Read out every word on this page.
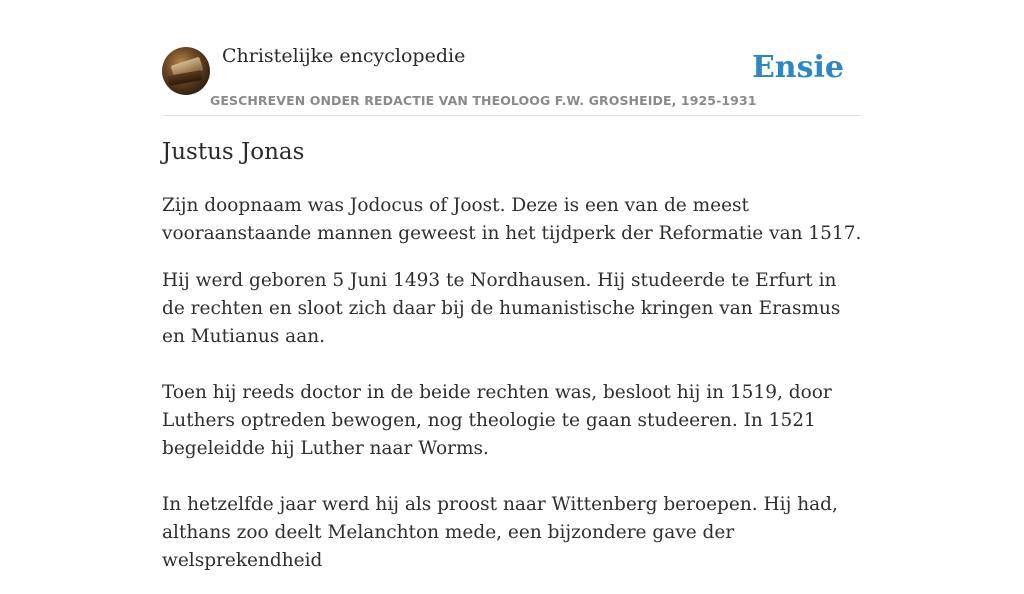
Christelijke encyclopedie
GESCHREVEN ONDER REDACTIE VAN THEOLOOG F.W. GROSHEIDE, 1925-1931
Ensie
Justus Jonas

Zijn doopnaam was Jodocus of Joost. Deze is een van de meest vooraanstaande mannen geweest in het tijdperk der Reformatie van 1517.

Hij werd geboren 5 Juni 1493 te Nordhausen. Hij studeerde te Erfurt in de rechten en sloot zich daar bij de humanistische kringen van Erasmus en Mutianus aan.

Toen hij reeds doctor in de beide rechten was, besloot hij in 1519, door Luthers optreden bewogen, nog theologie te gaan studeeren. In 1521 begeleidde hij Luther naar Worms.

In hetzelfde jaar werd hij als proost naar Wittenberg beroepen. Hij had, althans zoo deelt Melanchton mede, een bijzondere gave der welsprekendheid
